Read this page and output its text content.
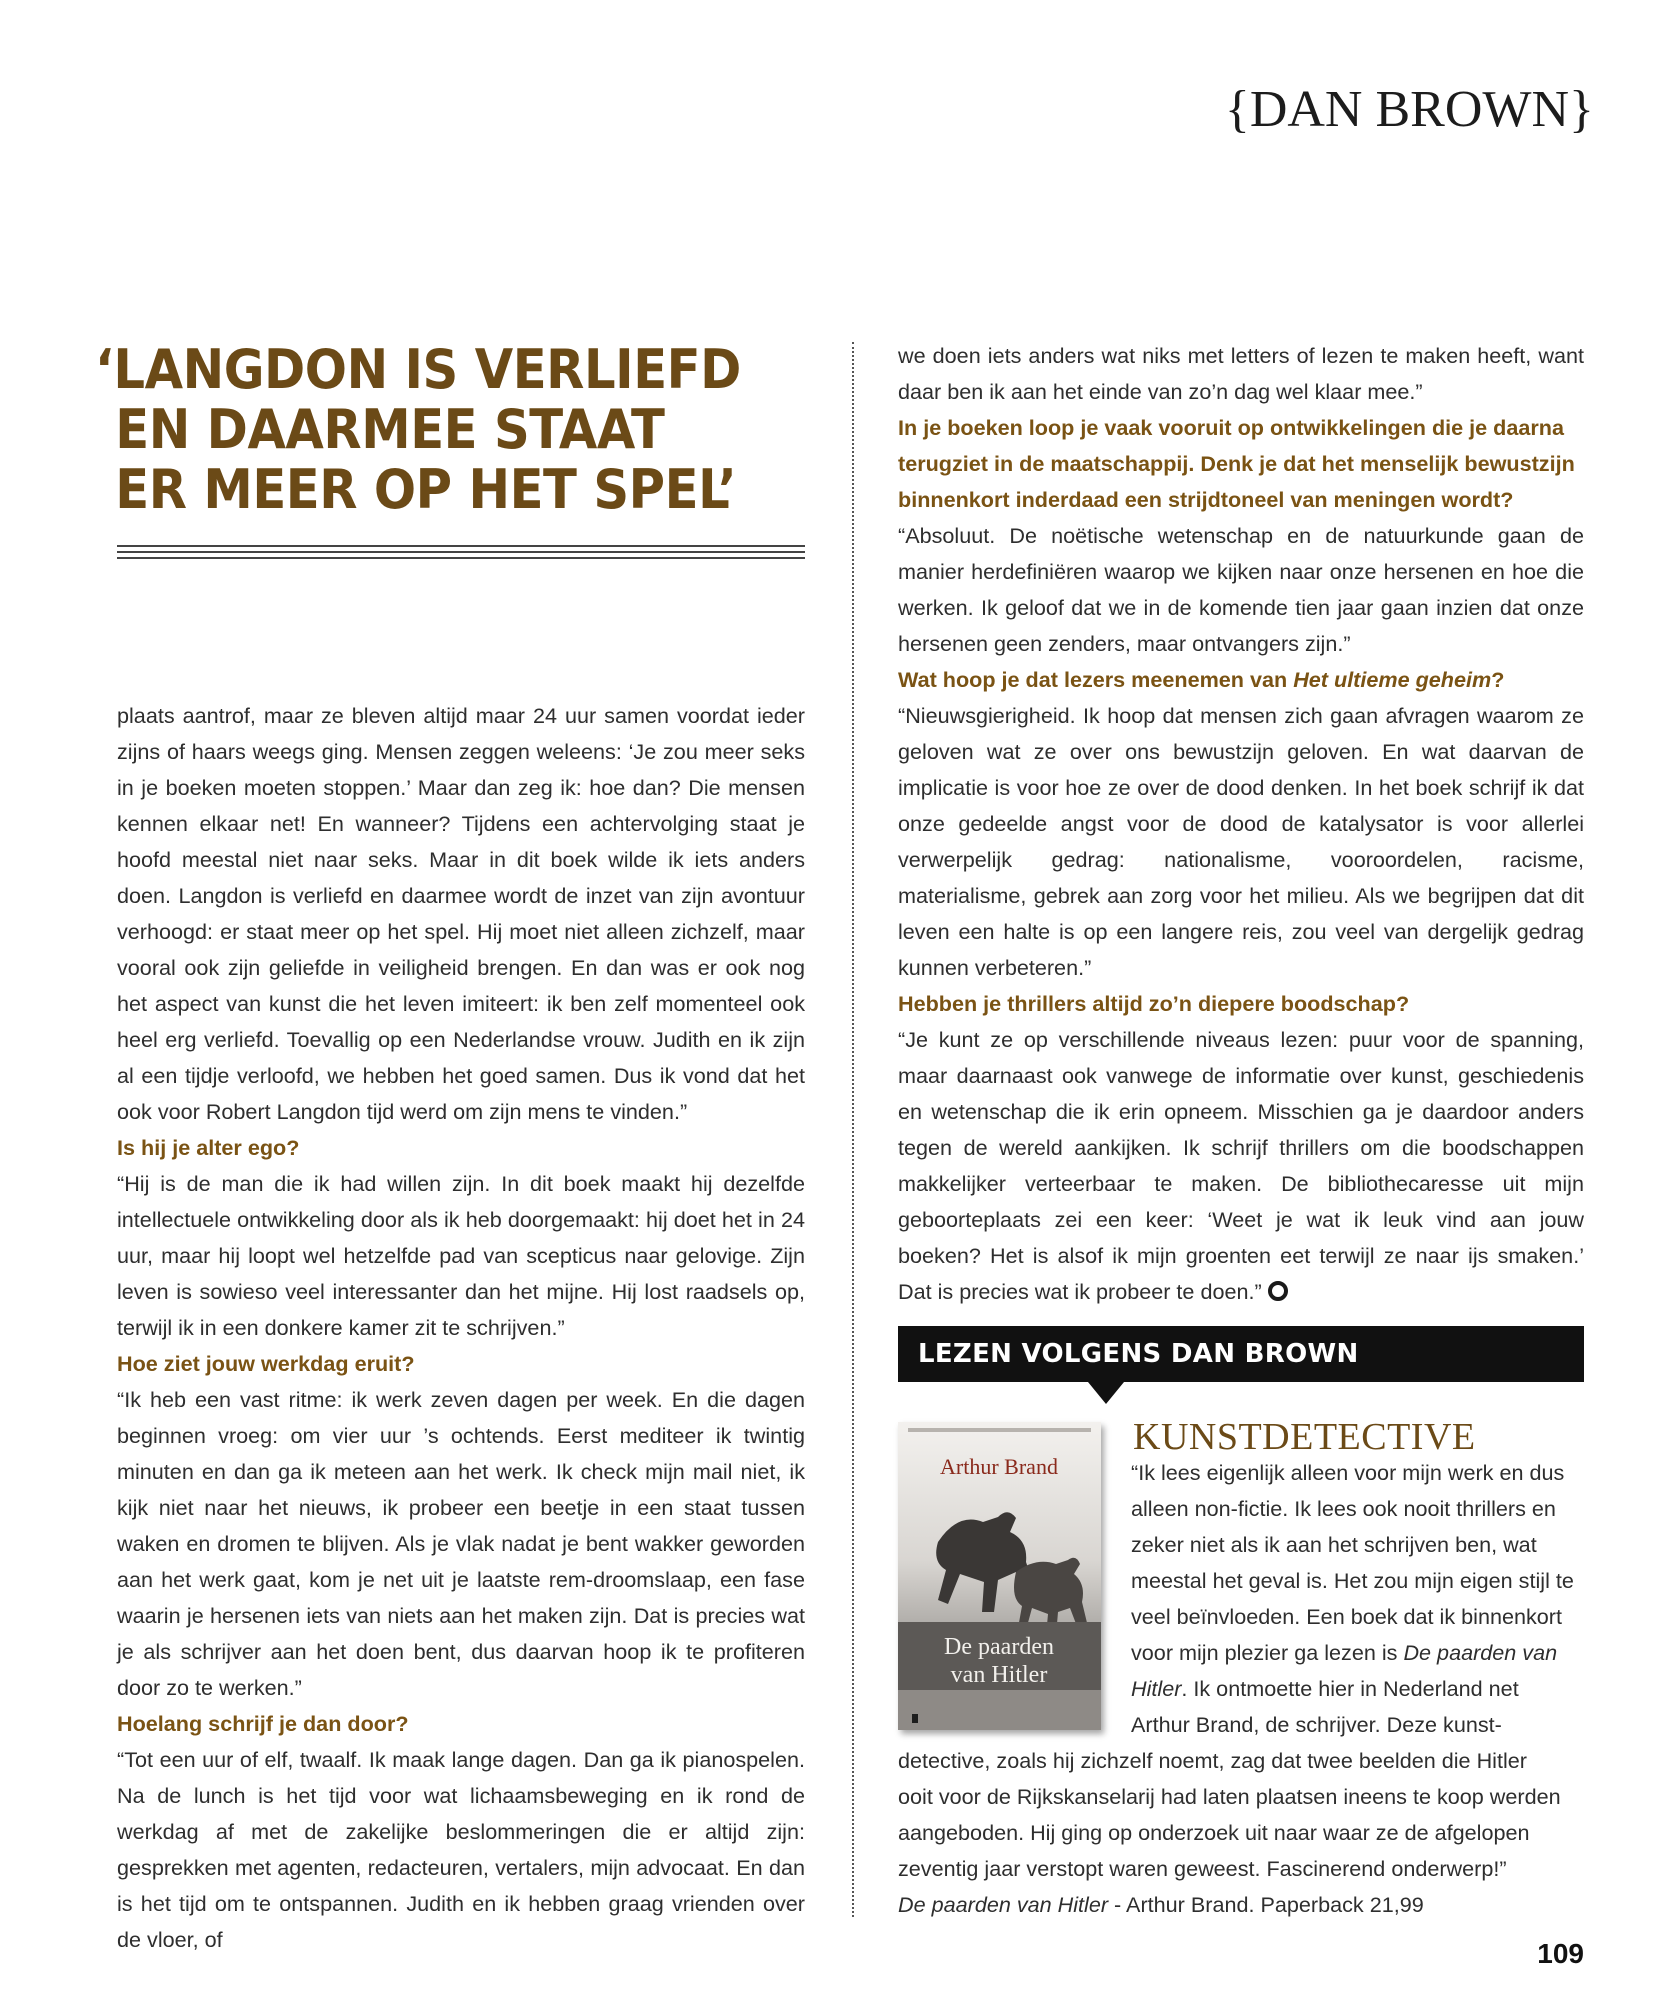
{DAN BROWN}
‘LANGDON IS VERLIEFD
EN DAARMEE STAAT
ER MEER OP HET SPEL’

plaats aantrof, maar ze bleven altijd maar 24 uur samen voordat ieder zijns of haars weegs ging. Mensen zeggen weleens: ‘Je zou meer seks in je boeken moeten stoppen.’ Maar dan zeg ik: hoe dan? Die mensen kennen elkaar net! En wanneer? Tijdens een achtervolging staat je hoofd meestal niet naar seks. Maar in dit boek wilde ik iets anders doen. Langdon is verliefd en daarmee wordt de inzet van zijn avontuur verhoogd: er staat meer op het spel. Hij moet niet alleen zichzelf, maar vooral ook zijn geliefde in veiligheid brengen. En dan was er ook nog het aspect van kunst die het leven imiteert: ik ben zelf momenteel ook heel erg verliefd. Toevallig op een Nederlandse vrouw. Judith en ik zijn al een tijdje verloofd, we hebben het goed samen. Dus ik vond dat het ook voor Robert Langdon tijd werd om zijn mens te vinden.”

Is hij je alter ego?

“Hij is de man die ik had willen zijn. In dit boek maakt hij dezelfde intellectuele ontwikkeling door als ik heb doorgemaakt: hij doet het in 24 uur, maar hij loopt wel hetzelfde pad van scepticus naar gelovige. Zijn leven is sowieso veel interessanter dan het mijne. Hij lost raadsels op, terwijl ik in een donkere kamer zit te schrijven.”

Hoe ziet jouw werkdag eruit?

“Ik heb een vast ritme: ik werk zeven dagen per week. En die dagen beginnen vroeg: om vier uur ’s ochtends. Eerst mediteer ik twintig minuten en dan ga ik meteen aan het werk. Ik check mijn mail niet, ik kijk niet naar het nieuws, ik probeer een beetje in een staat tussen waken en dromen te blijven. Als je vlak nadat je bent wakker geworden aan het werk gaat, kom je net uit je laatste rem-droomslaap, een fase waarin je hersenen iets van niets aan het maken zijn. Dat is precies wat je als schrijver aan het doen bent, dus daarvan hoop ik te profiteren door zo te werken.”

Hoelang schrijf je dan door?

“Tot een uur of elf, twaalf. Ik maak lange dagen. Dan ga ik pianospelen. Na de lunch is het tijd voor wat lichaamsbeweging en ik rond de werkdag af met de zakelijke beslommeringen die er altijd zijn: gesprekken met agenten, redacteuren, vertalers, mijn advocaat. En dan is het tijd om te ontspannen. Judith en ik hebben graag vrienden over de vloer, of

we doen iets anders wat niks met letters of lezen te maken heeft, want daar ben ik aan het einde van zo’n dag wel klaar mee.”

In je boeken loop je vaak vooruit op ontwikkelingen die je daarna terugziet in de maatschappij. Denk je dat het menselijk bewustzijn binnenkort inderdaad een strijdtoneel van meningen wordt?

“Absoluut. De noëtische wetenschap en de natuurkunde gaan de manier herdefiniëren waarop we kijken naar onze hersenen en hoe die werken. Ik geloof dat we in de komende tien jaar gaan inzien dat onze hersenen geen zenders, maar ontvangers zijn.”

Wat hoop je dat lezers meenemen van Het ultieme geheim?

“Nieuwsgierigheid. Ik hoop dat mensen zich gaan afvragen waarom ze geloven wat ze over ons bewustzijn geloven. En wat daarvan de implicatie is voor hoe ze over de dood denken. In het boek schrijf ik dat onze gedeelde angst voor de dood de katalysator is voor allerlei verwerpelijk gedrag: nationalisme, vooroordelen, racisme, materialisme, gebrek aan zorg voor het milieu. Als we begrijpen dat dit leven een halte is op een langere reis, zou veel van dergelijk gedrag kunnen verbeteren.”

Hebben je thrillers altijd zo’n diepere boodschap?

“Je kunt ze op verschillende niveaus lezen: puur voor de spanning, maar daarnaast ook vanwege de informatie over kunst, geschiedenis en wetenschap die ik erin opneem. Misschien ga je daardoor anders tegen de wereld aankijken. Ik schrijf thrillers om die boodschappen makkelijker verteerbaar te maken. De bibliothecaresse uit mijn geboorteplaats zei een keer: ‘Weet je wat ik leuk vind aan jouw boeken? Het is alsof ik mijn groenten eet terwijl ze naar ijs smaken.’ Dat is precies wat ik probeer te doen.”

LEZEN VOLGENS DAN BROWN
Arthur Brand
De paarden
van Hitler
KUNSTDETECTIVE
“Ik lees eigenlijk alleen voor mijn werk en dus
alleen non-fictie. Ik lees ook nooit thrillers en
zeker niet als ik aan het schrijven ben, wat
meestal het geval is. Het zou mijn eigen stijl te
veel beïnvloeden. Een boek dat ik binnenkort
voor mijn plezier ga lezen is De paarden van
Hitler. Ik ontmoette hier in Nederland net
Arthur Brand, de schrijver. Deze kunst-
detective, zoals hij zichzelf noemt, zag dat twee beelden die Hitler
ooit voor de Rijkskanselarij had laten plaatsen ineens te koop werden
aangeboden. Hij ging op onderzoek uit naar waar ze de afgelopen
zeventig jaar verstopt waren geweest. Fascinerend onderwerp!”
De paarden van Hitler - Arthur Brand. Paperback 21,99
109
